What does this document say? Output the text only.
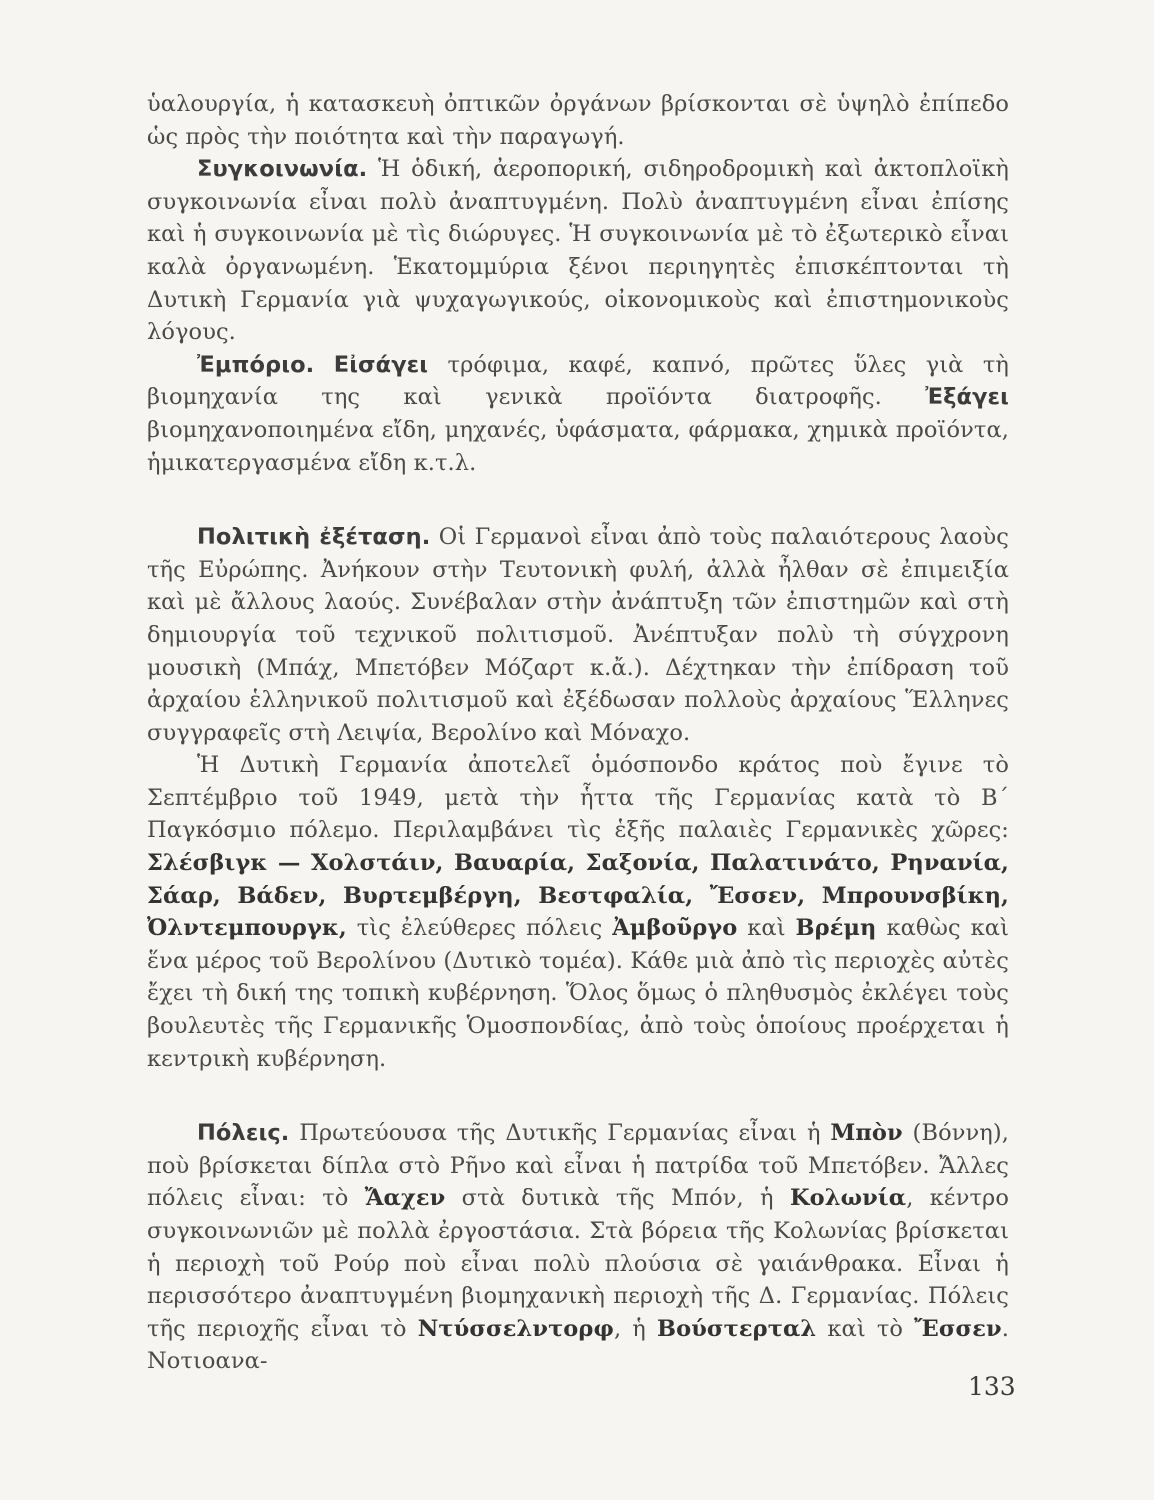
ὑαλουργία, ἡ κατασκευὴ ὀπτικῶν ὀργάνων βρίσκονται σὲ ὑψηλὸ ἐπίπεδο ὡς πρὸς τὴν ποιότητα καὶ τὴν παραγωγή.

Συγκοινωνία. Ἡ ὁδική, ἀεροπορική, σιδηροδρομικὴ καὶ ἀκτοπλοϊκὴ συγκοινωνία εἶναι πολὺ ἀναπτυγμένη. Πολὺ ἀναπτυγμένη εἶναι ἐπίσης καὶ ἡ συγκοινωνία μὲ τὶς διώρυγες. Ἡ συγκοινωνία μὲ τὸ ἐξωτερικὸ εἶναι καλὰ ὀργανωμένη. Ἑκατομμύρια ξένοι περιηγητὲς ἐπισκέπτονται τὴ Δυτικὴ Γερμανία γιὰ ψυχαγωγικούς, οἰκονομικοὺς καὶ ἐπιστημονικοὺς λόγους.

Ἐμπόριο. Εἰσάγει τρόφιμα, καφέ, καπνό, πρῶτες ὕλες γιὰ τὴ βιομηχανία της καὶ γενικὰ προϊόντα διατροφῆς. Ἐξάγει βιομηχανοποιημένα εἴδη, μηχανές, ὑφάσματα, φάρμακα, χημικὰ προϊόντα, ἡμικατεργασμένα εἴδη κ.τ.λ.

Πολιτικὴ ἐξέταση. Οἱ Γερμανοὶ εἶναι ἀπὸ τοὺς παλαιότερους λαοὺς τῆς Εὐρώπης. Ἀνήκουν στὴν Τευτονικὴ φυλή, ἀλλὰ ἦλθαν σὲ ἐπιμειξία καὶ μὲ ἄλλους λαούς. Συνέβαλαν στὴν ἀνάπτυξη τῶν ἐπιστημῶν καὶ στὴ δημιουργία τοῦ τεχνικοῦ πολιτισμοῦ. Ἀνέπτυξαν πολὺ τὴ σύγχρονη μουσικὴ (Μπάχ, Μπετόβεν Μόζαρτ κ.ἄ.). Δέχτηκαν τὴν ἐπίδραση τοῦ ἀρχαίου ἑλληνικοῦ πολιτισμοῦ καὶ ἐξέδωσαν πολλοὺς ἀρχαίους Ἕλληνες συγγραφεῖς στὴ Λειψία, Βερολίνο καὶ Μόναχο.

Ἡ Δυτικὴ Γερμανία ἀποτελεῖ ὁμόσπονδο κράτος ποὺ ἔγινε τὸ Σεπτέμβριο τοῦ 1949, μετὰ τὴν ἧττα τῆς Γερμανίας κατὰ τὸ Β΄ Παγκόσμιο πόλεμο. Περιλαμβάνει τὶς ἑξῆς παλαιὲς Γερμανικὲς χῶρες: Σλέσβιγκ — Χολστάιν, Βαυαρία, Σαξονία, Παλατινάτο, Ρηνανία, Σάαρ, Βάδεν, Βυρτεμβέργη, Βεστφαλία, Ἔσσεν, Μπρουνσβίκη, Ὀλντεμπουργκ, τὶς ἐλεύθερες πόλεις Ἀμβοῦργο καὶ Βρέμη καθὼς καὶ ἕνα μέρος τοῦ Βερολίνου (Δυτικὸ τομέα). Κάθε μιὰ ἀπὸ τὶς περιοχὲς αὐτὲς ἔχει τὴ δική της τοπικὴ κυβέρνηση. Ὅλος ὅμως ὁ πληθυσμὸς ἐκλέγει τοὺς βουλευτὲς τῆς Γερμανικῆς Ὁμοσπονδίας, ἀπὸ τοὺς ὁποίους προέρχεται ἡ κεντρικὴ κυβέρνηση.

Πόλεις. Πρωτεύουσα τῆς Δυτικῆς Γερμανίας εἶναι ἡ Μπὸν (Βόννη), ποὺ βρίσκεται δίπλα στὸ Ρῆνο καὶ εἶναι ἡ πατρίδα τοῦ Μπετόβεν. Ἄλλες πόλεις εἶναι: τὸ Ἄαχεν στὰ δυτικὰ τῆς Μπόν, ἡ Κολωνία, κέντρο συγκοινωνιῶν μὲ πολλὰ ἐργοστάσια. Στὰ βόρεια τῆς Κολωνίας βρίσκεται ἡ περιοχὴ τοῦ Ρούρ ποὺ εἶναι πολὺ πλούσια σὲ γαιάνθρακα. Εἶναι ἡ περισσότερο ἀναπτυγμένη βιομηχανικὴ περιοχὴ τῆς Δ. Γερμανίας. Πόλεις τῆς περιοχῆς εἶναι τὸ Ντύσσελντορφ, ἡ Βούστερταλ καὶ τὸ Ἔσσεν. Νοτιοανα-

133
